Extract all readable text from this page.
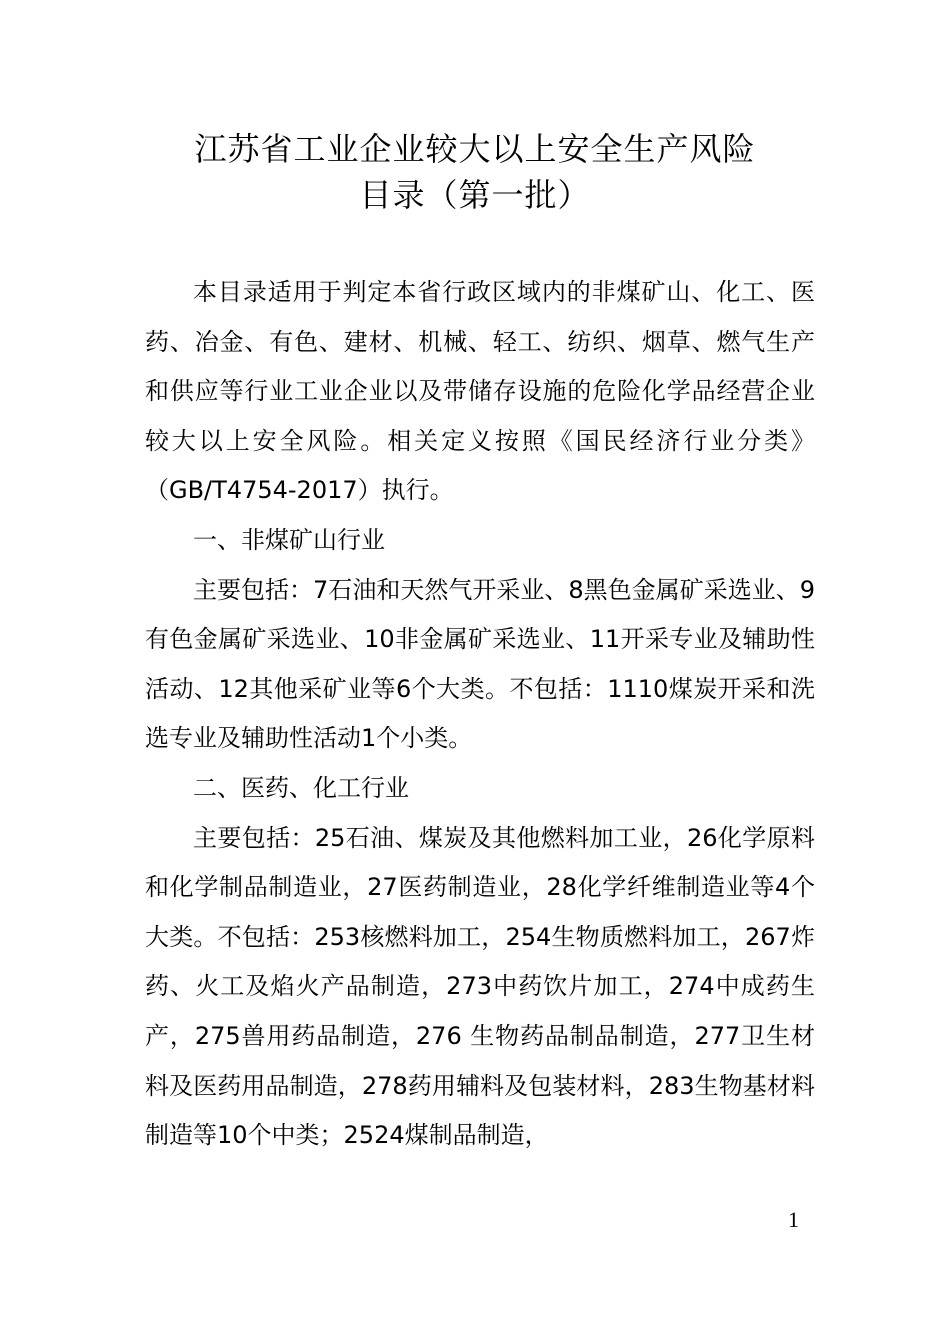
江苏省工业企业较大以上安全生产风险
目录（第一批）

本目录适用于判定本省行政区域内的非煤矿山、化工、医药、冶金、有色、建材、机械、轻工、纺织、烟草、燃气生产和供应等行业工业企业以及带储存设施的危险化学品经营企业较大以上安全风险。相关定义按照《国民经济行业分类》（GB/T4754-2017）执行。

一、非煤矿山行业

主要包括：7石油和天然气开采业、8黑色金属矿采选业、9有色金属矿采选业、10非金属矿采选业、11开采专业及辅助性活动、12其他采矿业等6个大类。不包括：1110煤炭开采和洗选专业及辅助性活动1个小类。

二、医药、化工行业

主要包括：25石油、煤炭及其他燃料加工业，26化学原料和化学制品制造业，27医药制造业，28化学纤维制造业等4个大类。不包括：253核燃料加工，254生物质燃料加工，267炸药、火工及焰火产品制造，273中药饮片加工，274中成药生产，275兽用药品制造，276 生物药品制品制造，277卫生材料及医药用品制造，278药用辅料及包装材料，283生物基材料制造等10个中类；2524煤制品制造，

1
